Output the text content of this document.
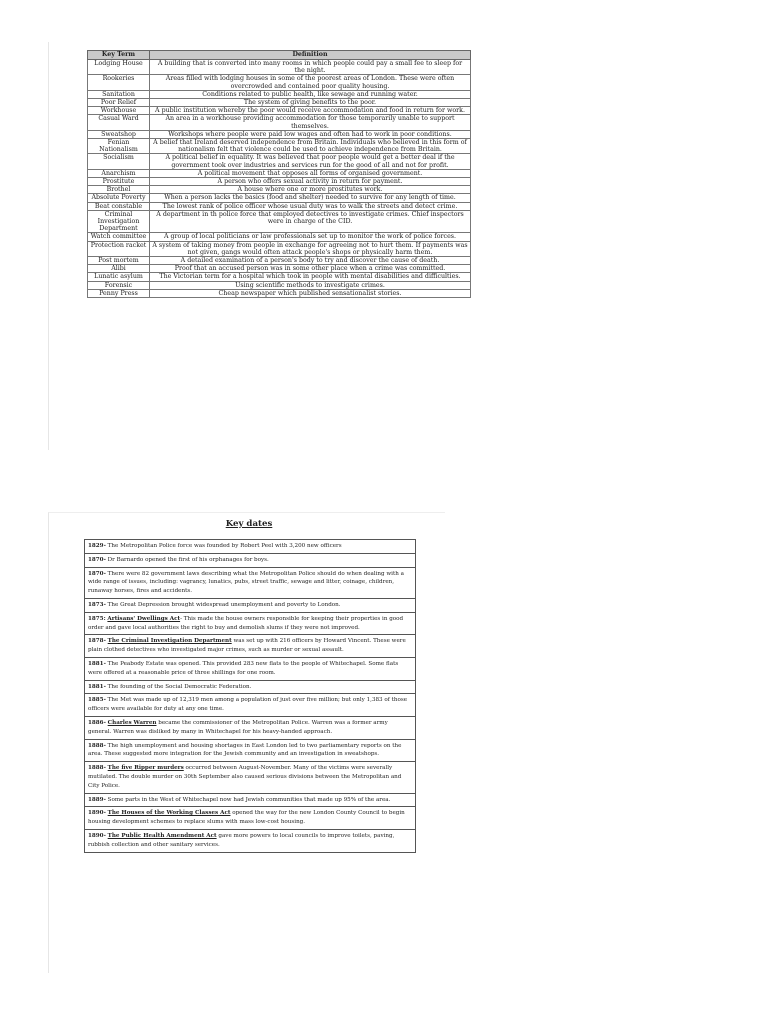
Key Term	Definition
Lodging House	A building that is converted into many rooms in which people could pay a small fee to sleep for the night.
Rookeries	Areas filled with lodging houses in some of the poorest areas of London. These were often overcrowded and contained poor quality housing.
Sanitation	Conditions related to public health, like sewage and running water.
Poor Relief	The system of giving benefits to the poor.
Workhouse	A public institution whereby the poor would receive accommodation and food in return for work.
Casual Ward	An area in a workhouse providing accommodation for those temporarily unable to support themselves.
Sweatshop	Workshops where people were paid low wages and often had to work in poor conditions.
Fenian Nationalism	A belief that Ireland deserved independence from Britain. Individuals who believed in this form of nationalism felt that violence could be used to achieve independence from Britain.
Socialism	A political belief in equality. It was believed that poor people would get a better deal if the government took over industries and services run for the good of all and not for profit.
Anarchism	A political movement that opposes all forms of organised government.
Prostitute	A person who offers sexual activity in return for payment.
Brothel	A house where one or more prostitutes work.
Absolute Poverty	When a person lacks the basics (food and shelter) needed to survive for any length of time.
Beat constable	The lowest rank of police officer whose usual duty was to walk the streets and detect crime.
Criminal Investigation Department	A department in th police force that employed detectives to investigate crimes. Chief inspectors were in charge of the CID.
Watch committee	A group of local politicians or law professionals set up to monitor the work of police forces.
Protection racket	A system of taking money from people in exchange for agreeing not to hurt them. If payments was not given, gangs would often attack people's shops or physically harm them.
Post mortem	A detailed examination of a person's body to try and discover the cause of death.
Alibi	Proof that an accused person was in some other place when a crime was committed.
Lunatic asylum	The Victorian term for a hospital which took in people with mental disabilities and difficulties.
Forensic	Using scientific methods to investigate crimes.
Penny Press	Cheap newspaper which published sensationalist stories.
Key dates
1829- The Metropolitan Police force was founded by Robert Peel with 3,200 new officers
1870- Dr Barnardo opened the first of his orphanages for boys.
1870- There were 82 government laws describing what the Metropolitan Police should do when dealing with a wide range of issues, including: vagrancy, lunatics, pubs, street traffic, sewage and litter, coinage, children, runaway horses, fires and accidents.
1873- The Great Depression brought widespread unemployment and poverty to London.
1875: Artisans' Dwellings Act- This made the house owners responsible for keeping their properties in good order and gave local authorities the right to buy and demolish slums if they were not improved.
1878- The Criminal Investigation Department was set up with 216 officers by Howard Vincent. These were plain clothed detectives who investigated major crimes, such as murder or sexual assault.
1881- The Peabody Estate was opened. This provided 283 new flats to the people of Whitechapel. Some flats were offered at a reasonable price of three shillings for one room.
1881- The founding of the Social Democratic Federation.
1885- The Met was made up of 12,319 men among a population of just over five million; but only 1,383 of those officers were available for duty at any one time.
1886- Charles Warren became the commissioner of the Metropolitan Police. Warren was a former army general. Warren was disliked by many in Whitechapel for his heavy-handed approach.
1888- The high unemployment and housing shortages in East London led to two parliamentary reports on the area. These suggested more integration for the Jewish community and an investigation in sweatshops.
1888- The five Ripper murders occurred between August-November. Many of the victims were severally mutilated. The double murder on 30th September also caused serious divisions between the Metropolitan and City Police.
1889- Some parts in the West of Whitechapel now had Jewish communities that made up 95% of the area.
1890- The Houses of the Working Classes Act opened the way for the new London County Council to begin housing development schemes to replace slums with mass low-cost housing.
1890- The Public Health Amendment Act gave more powers to local councils to improve toilets, paving, rubbish collection and other sanitary services.
